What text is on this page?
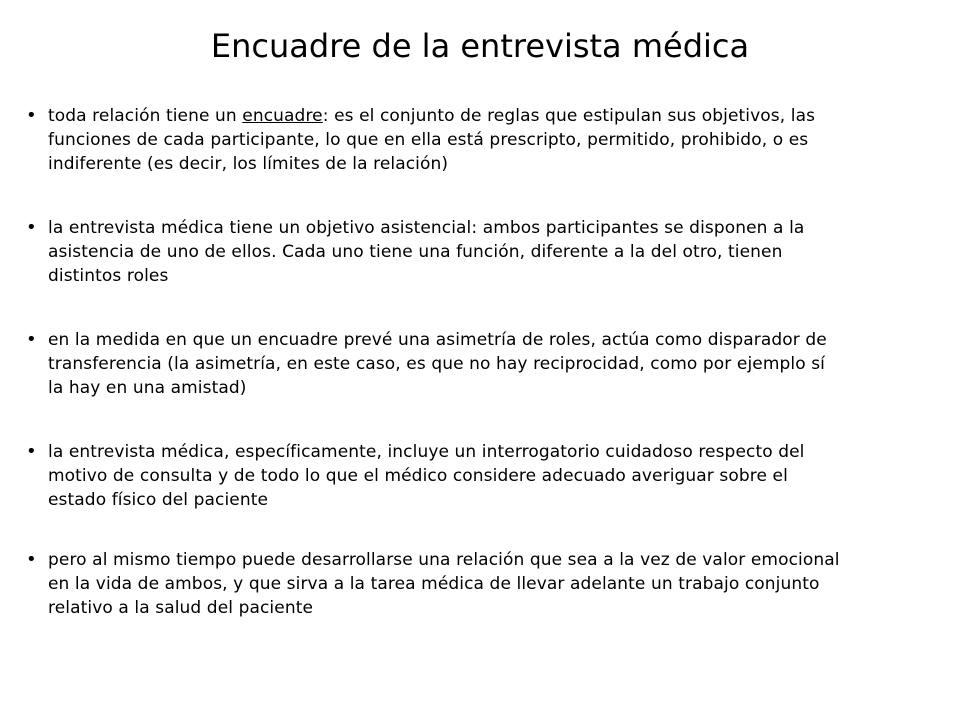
Encuadre de la entrevista médica
• toda relación tiene un encuadre: es el conjunto de reglas que estipulan sus objetivos, las
funciones de cada participante, lo que en ella está prescripto, permitido, prohibido, o es
indiferente (es decir, los límites de la relación)
• la entrevista médica tiene un objetivo asistencial: ambos participantes se disponen a la
asistencia de uno de ellos. Cada uno tiene una función, diferente a la del otro, tienen
distintos roles
• en la medida en que un encuadre prevé una asimetría de roles, actúa como disparador de
transferencia (la asimetría, en este caso, es que no hay reciprocidad, como por ejemplo sí
la hay en una amistad)
• la entrevista médica, específicamente, incluye un interrogatorio cuidadoso respecto del
motivo de consulta y de todo lo que el médico considere adecuado averiguar sobre el
estado físico del paciente
• pero al mismo tiempo puede desarrollarse una relación que sea a la vez de valor emocional
en la vida de ambos, y que sirva a la tarea médica de llevar adelante un trabajo conjunto
relativo a la salud del paciente
